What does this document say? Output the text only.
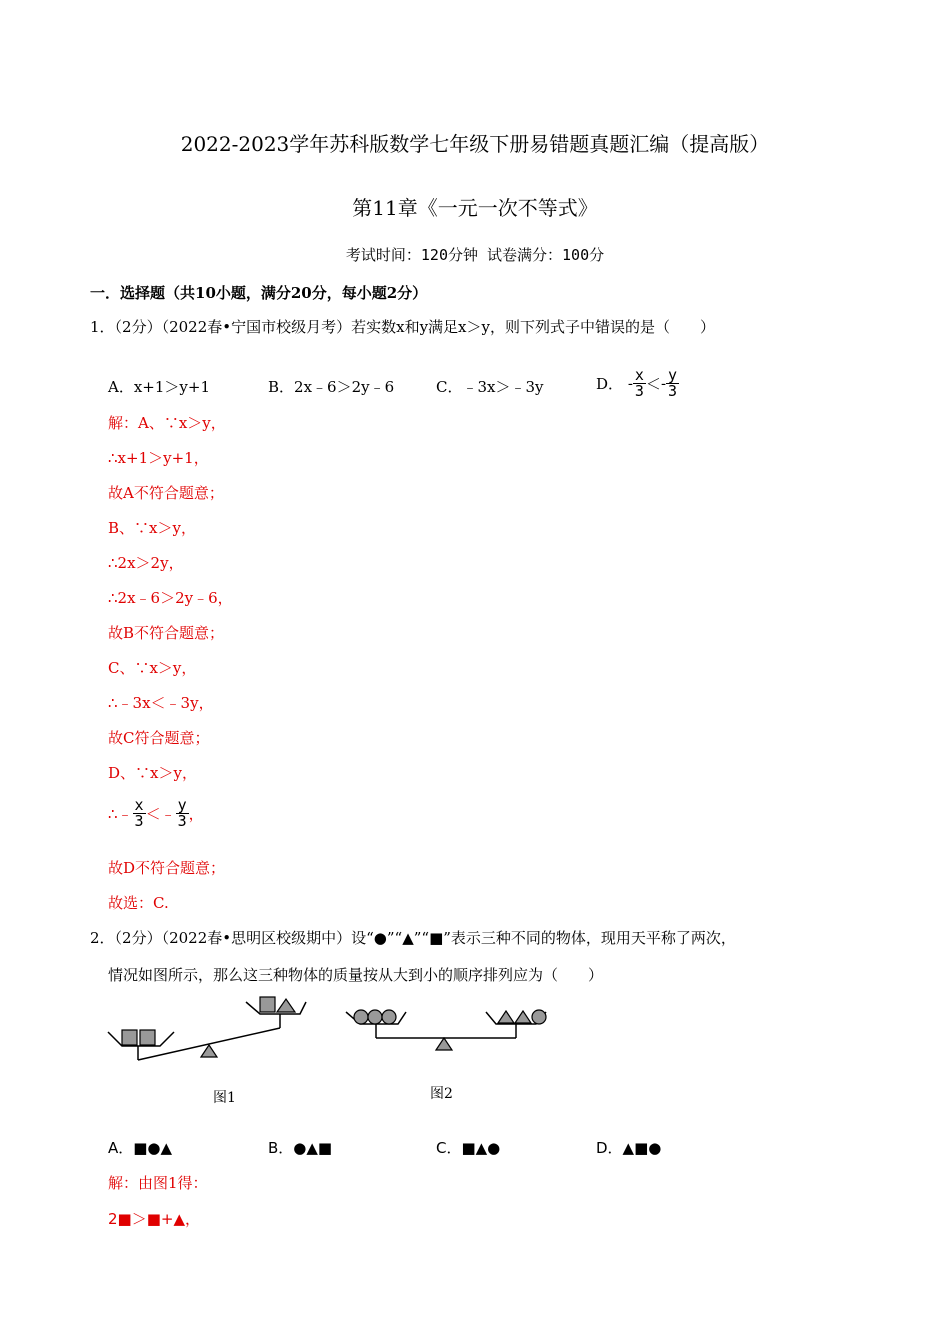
2022-2023学年苏科版数学七年级下册易错题真题汇编（提高版）
第11章《一元一次不等式》
考试时间：120分钟 试卷满分：100分
一．选择题（共10小题，满分20分，每小题2分）
1．（2分）（2022春•宁国市校级月考）若实数x和y满足x＞y，则下列式子中错误的是（　　）
A．x+1＞y+1	B．2x﹣6＞2y﹣6	C．﹣3x＞﹣3y	D． - $\frac{x}{3} <- \frac{y}{3}$
解：A、∵x＞y，
∴x+1＞y+1，
故A不符合题意；
B、∵x＞y，
∴2x＞2y，
∴2x﹣6＞2y﹣6，
故B不符合题意；
C、∵x＞y，
∴﹣3x＜﹣3y，
故C符合题意；
D、∵x＞y，
∴﹣ $\frac{x}{3}$ ＜﹣ $\frac{y}{3}$ ，
故D不符合题意；
故选：C.
2．（2分）（2022春•思明区校级期中）设“●”“▲”“■”表示三种不同的物体，现用天平称了两次，
情况如图所示，那么这三种物体的质量按从大到小的顺序排列应为（　　）
图1	图2
A．■●▲	B．●▲■	C．■▲●	D．▲■●
解：由图1得：
2■＞■+▲，
